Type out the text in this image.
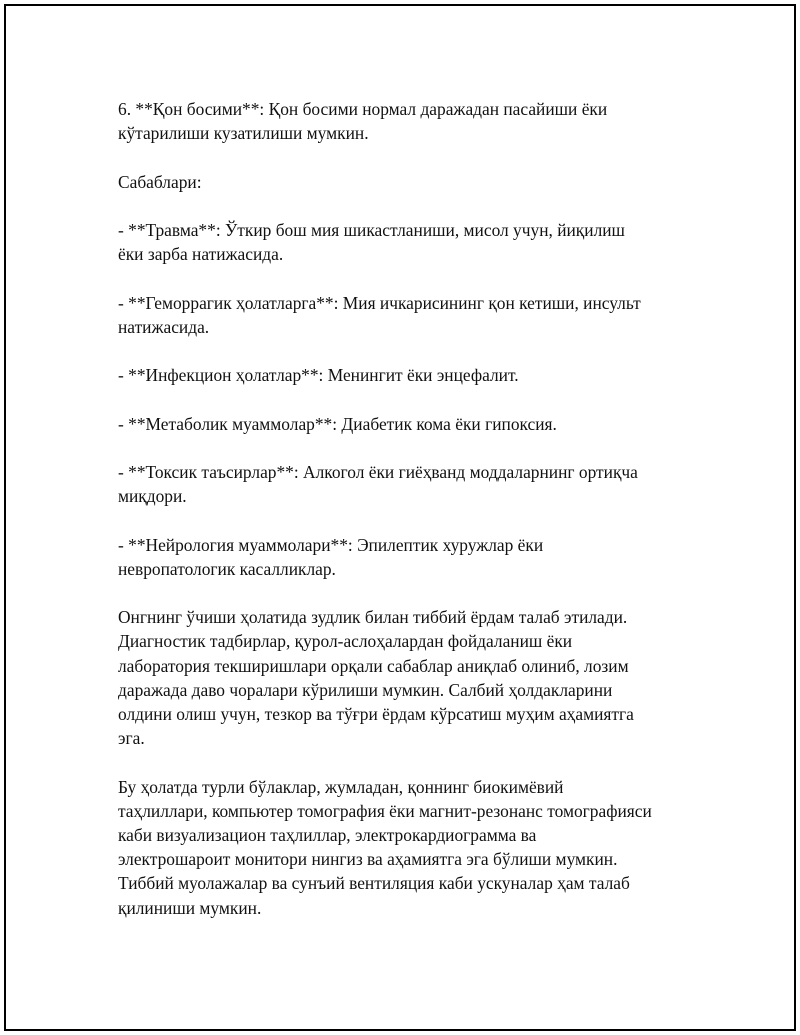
6. **Қон босими**: Қон босими нормал даражадан пасайиши ёки
кўтарилиши кузатилиши мумкин.

Сабаблари:

- **Травма**: Ўткир бош мия шикастланиши, мисол учун, йиқилиш
ёки зарба натижасида.

- **Геморрагик ҳолатларга**: Мия ичкарисининг қон кетиши, инсульт
натижасида.

- **Инфекцион ҳолатлар**: Менингит ёки энцефалит.

- **Метаболик муаммолар**: Диабетик кома ёки гипоксия.

- **Токсик таъсирлар**: Алкогол ёки гиёҳванд моддаларнинг ортиқча
миқдори.

- **Нейрология муаммолари**: Эпилептик хуружлар ёки
невропатологик касалликлар.

Онгнинг ўчиши ҳолатида зудлик билан тиббий ёрдам талаб этилади.
Диагностик тадбирлар, қурол-аслоҳалардан фойдаланиш ёки
лаборатория текширишлари орқали сабаблар аниқлаб олиниб, лозим
даражада даво чоралари кўрилиши мумкин. Салбий ҳолдакларини
олдини олиш учун, тезкор ва тўғри ёрдам кўрсатиш муҳим аҳамиятга
эга.

Бу ҳолатда турли бўлаклар, жумладан, қоннинг биокимёвий
таҳлиллари, компьютер томография ёки магнит-резонанс томографияси
каби визуализацион таҳлиллар, электрокардиограмма ва
электрошароит монитори нингиз ва аҳамиятга эга бўлиши мумкин.
Тиббий муолажалар ва сунъий вентиляция каби ускуналар ҳам талаб
қилиниши мумкин.
